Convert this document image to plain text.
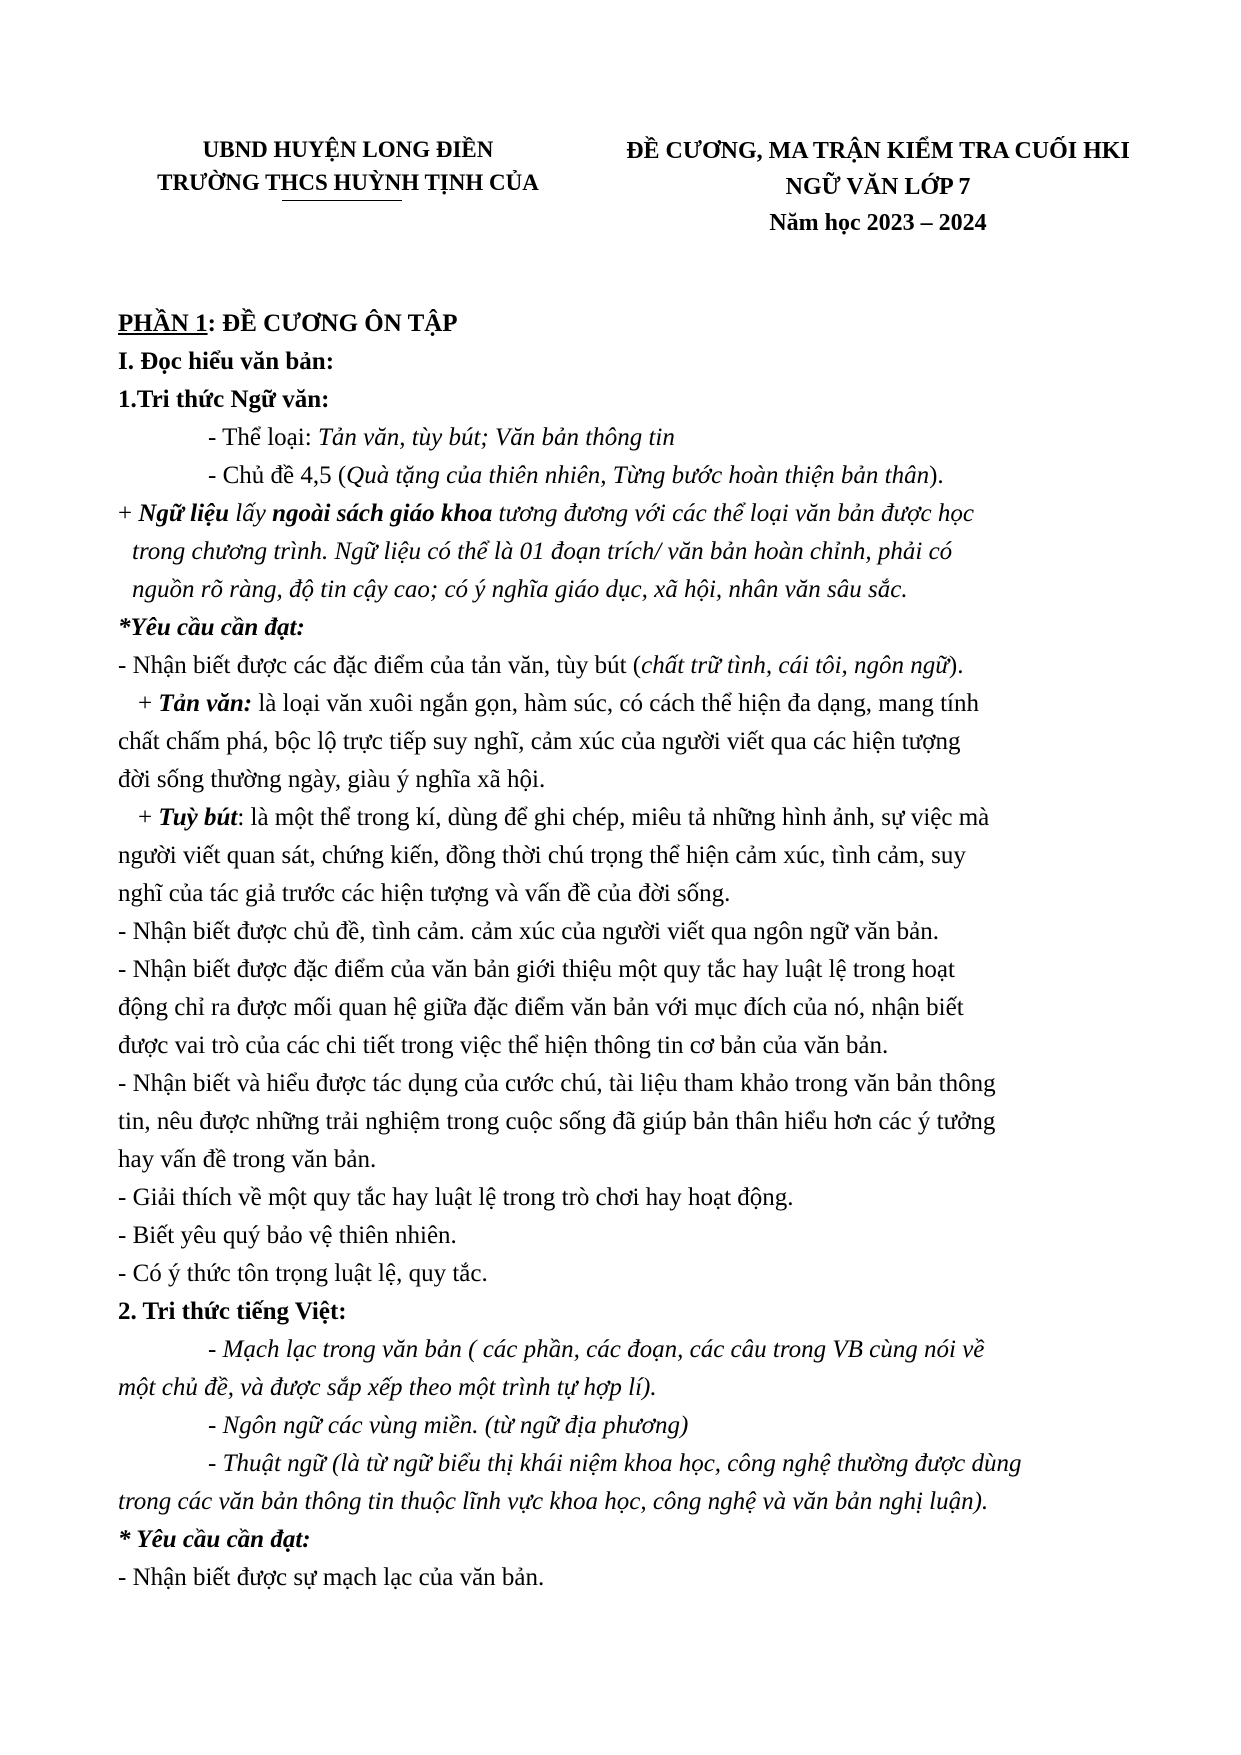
UBND HUYỆN LONG ĐIỀN
TRƯỜNG THCS HUỲNH TỊNH CỦA
ĐỀ CƯƠNG, MA TRẬN KIỂM TRA CUỐI HKI
NGỮ VĂN LỚP 7
Năm học 2023 – 2024

PHẦN 1: ĐỀ CƯƠNG ÔN TẬP

I. Đọc hiểu văn bản:

1.Tri thức Ngữ văn:

- Thể loại: Tản văn, tùy bút; Văn bản thông tin

- Chủ đề 4,5 (Quà tặng của thiên nhiên, Từng bước hoàn thiện bản thân).

+ Ngữ liệu lấy ngoài sách giáo khoa tương đương với các thể loại văn bản được học

trong chương trình. Ngữ liệu có thể là 01 đoạn trích/ văn bản hoàn chỉnh, phải có

nguồn rõ ràng, độ tin cậy cao; có ý nghĩa giáo dục, xã hội, nhân văn sâu sắc.

*Yêu cầu cần đạt:

- Nhận biết được các đặc điểm của tản văn, tùy bút (chất trữ tình, cái tôi, ngôn ngữ).

+ Tản văn: là loại văn xuôi ngắn gọn, hàm súc, có cách thể hiện đa dạng, mang tính

chất chấm phá, bộc lộ trực tiếp suy nghĩ, cảm xúc của người viết qua các hiện tượng

đời sống thường ngày, giàu ý nghĩa xã hội.

+ Tuỳ bút: là một thể trong kí, dùng để ghi chép, miêu tả những hình ảnh, sự việc mà

người viết quan sát, chứng kiến, đồng thời chú trọng thể hiện cảm xúc, tình cảm, suy

nghĩ của tác giả trước các hiện tượng và vấn đề của đời sống.

- Nhận biết được chủ đề, tình cảm. cảm xúc của người viết qua ngôn ngữ văn bản.

- Nhận biết được đặc điểm của văn bản giới thiệu một quy tắc hay luật lệ trong hoạt

động chỉ ra được mối quan hệ giữa đặc điểm văn bản với mục đích của nó, nhận biết

được vai trò của các chi tiết trong việc thể hiện thông tin cơ bản của văn bản.

- Nhận biết và hiểu được tác dụng của cước chú, tài liệu tham khảo trong văn bản thông

tin, nêu được những trải nghiệm trong cuộc sống đã giúp bản thân hiểu hơn các ý tưởng

hay vấn đề trong văn bản.

- Giải thích về một quy tắc hay luật lệ trong trò chơi hay hoạt động.

- Biết yêu quý bảo vệ thiên nhiên.

- Có ý thức tôn trọng luật lệ, quy tắc.

2. Tri thức tiếng Việt:

- Mạch lạc trong văn bản ( các phần, các đoạn, các câu trong VB cùng nói về

một chủ đề, và được sắp xếp theo một trình tự hợp lí).

- Ngôn ngữ các vùng miền. (từ ngữ địa phương)

- Thuật ngữ (là từ ngữ biểu thị khái niệm khoa học, công nghệ thường được dùng

trong các văn bản thông tin thuộc lĩnh vực khoa học, công nghệ và văn bản nghị luận).

* Yêu cầu cần đạt:

- Nhận biết được sự mạch lạc của văn bản.
